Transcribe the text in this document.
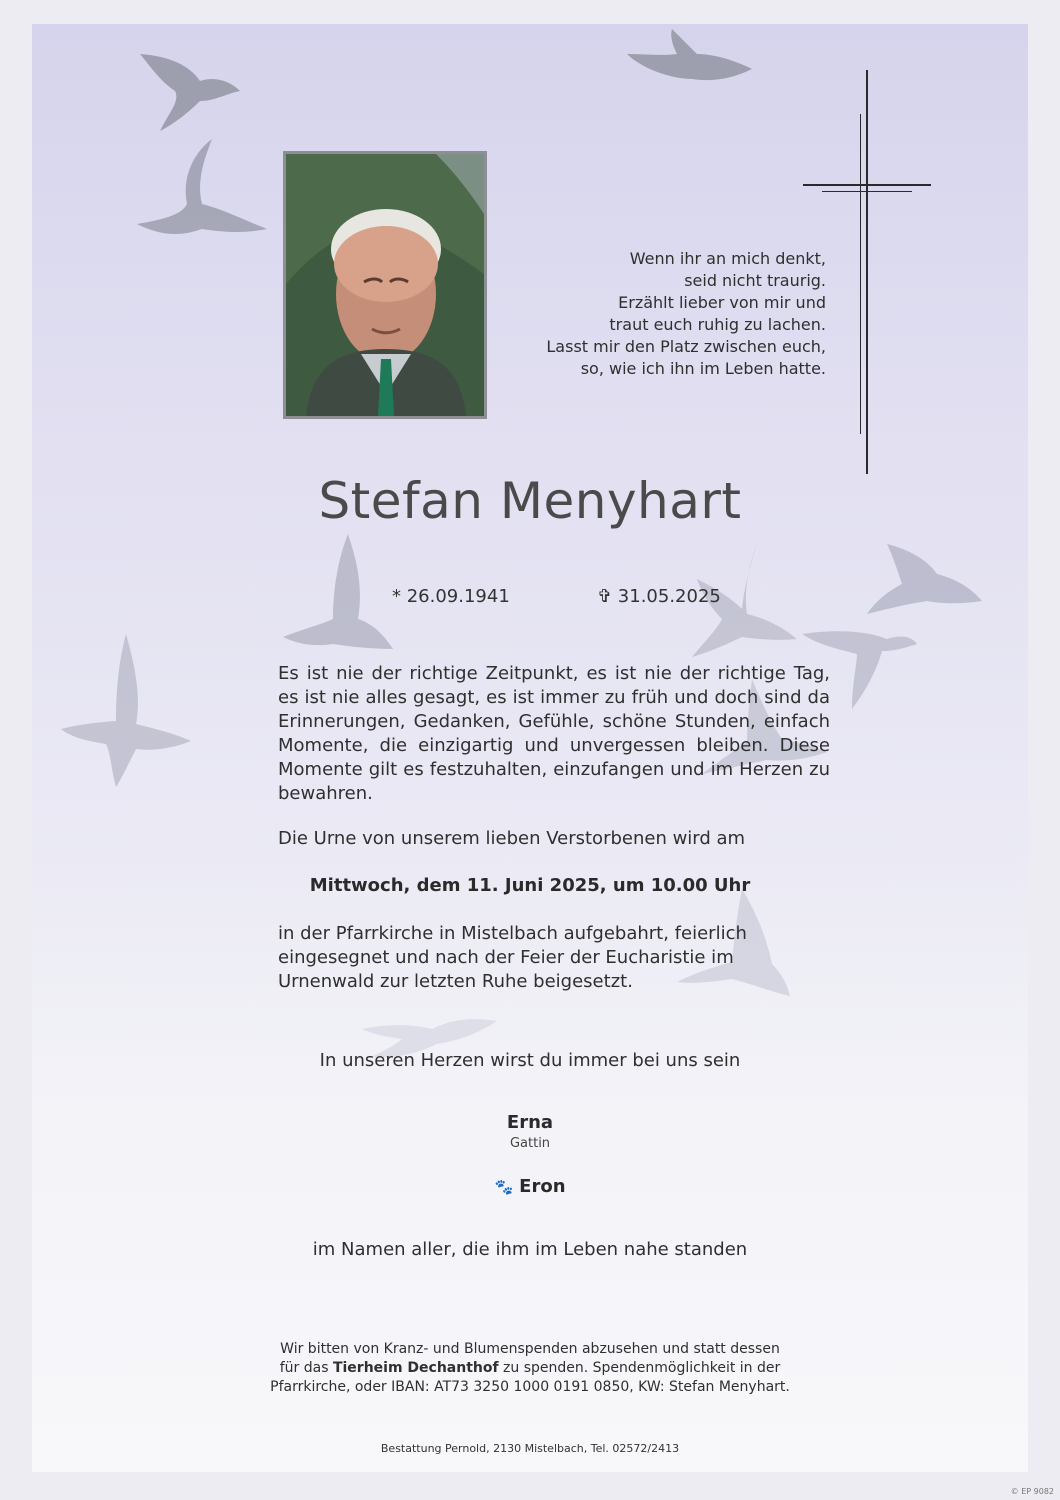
Wenn ihr an mich denkt,
seid nicht traurig.
Erzählt lieber von mir und
traut euch ruhig zu lachen.
Lasst mir den Platz zwischen euch,
so, wie ich ihn im Leben hatte.
Stefan Menyhart
* 26.09.1941	✞ 31.05.2025
Es ist nie der richtige Zeitpunkt, es ist nie der richtige Tag, es ist nie alles gesagt, es ist immer zu früh und doch sind da Erinnerungen, Gedanken, Gefühle, schöne Stunden, einfach Momente, die einzigartig und unvergessen bleiben. Diese Momente gilt es festzuhalten, einzufangen und im Herzen zu bewahren.
Die Urne von unserem lieben Verstorbenen wird am
Mittwoch, dem 11. Juni 2025, um 10.00 Uhr
in der Pfarrkirche in Mistelbach aufgebahrt, feierlich eingesegnet und nach der Feier der Eucharistie im Urnenwald zur letzten Ruhe beigesetzt.
In unseren Herzen wirst du immer bei uns sein
Erna
Gattin
🐾 Eron
im Namen aller, die ihm im Leben nahe standen
Wir bitten von Kranz- und Blumenspenden abzusehen und statt dessen
für das Tierheim Dechanthof zu spenden. Spendenmöglichkeit in der
Pfarrkirche, oder IBAN: AT73 3250 1000 0191 0850, KW: Stefan Menyhart.
Bestattung Pernold, 2130 Mistelbach, Tel. 02572/2413
© EP 9082
